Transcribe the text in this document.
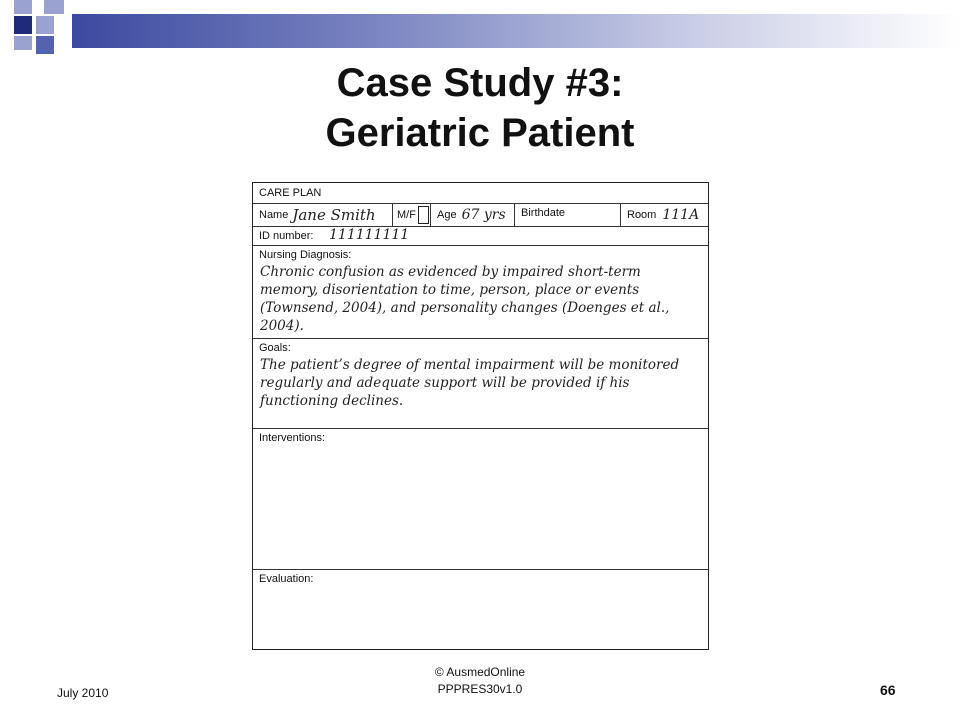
Case Study #3:
Geriatric Patient
CARE PLAN
Name Jane Smith M/F Age 67 yrs Birthdate	Room 111A
ID number: 111111111
Nursing Diagnosis:
Chronic confusion as evidenced by impaired short-term memory, disorientation to time, person, place or events (Townsend, 2004), and personality changes (Doenges et al., 2004).
Goals:
The patient’s degree of mental impairment will be monitored regularly and adequate support will be provided if his functioning declines.
Interventions:
Evaluation:
July 2010
© AusmedOnline
PPPRES30v1.0	66
